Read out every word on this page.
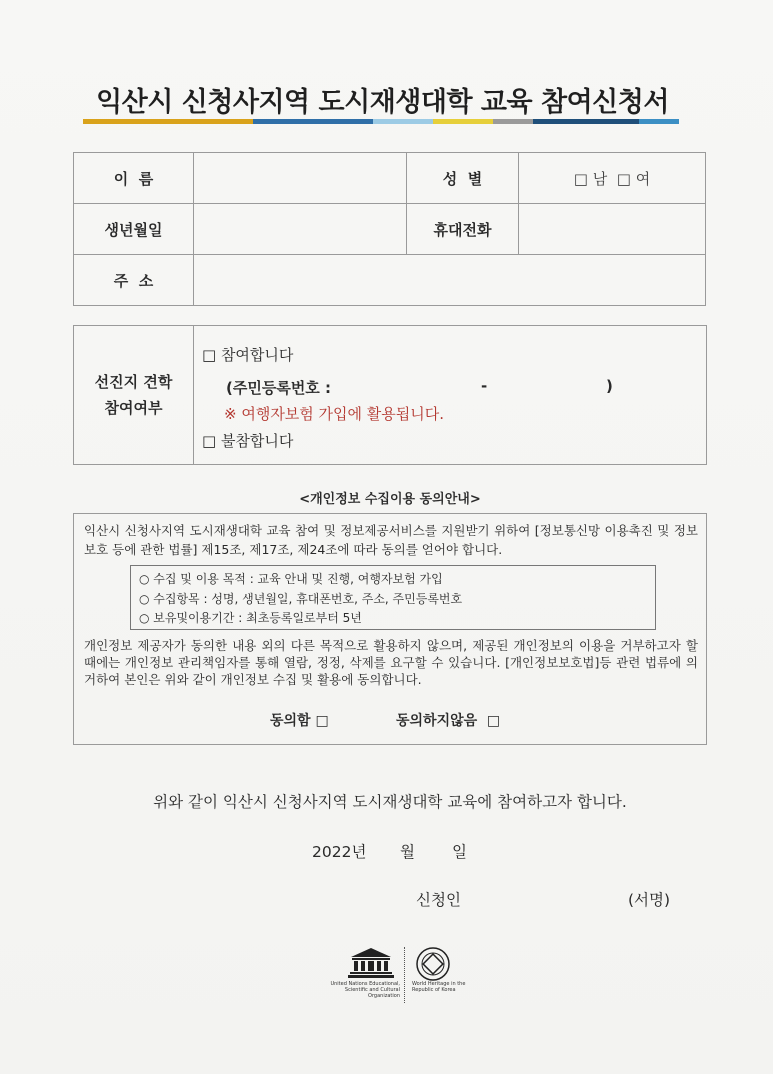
익산시 신청사지역 도시재생대학 교육 참여신청서
이  름		성  별	□ 남  □ 여
생년월일		휴대전화	
주  소			
선진지 견학
참여여부
□ 참여합니다
(주민등록번호 :	-	)
※ 여행자보험 가입에 활용됩니다.
□ 불참합니다
<개인정보 수집이용 동의안내>
익산시 신청사지역 도시재생대학 교육 참여 및 정보제공서비스를 지원받기 위하여 [정보통신망 이용촉진 및 정보보호 등에 관한 법률] 제15조, 제17조, 제24조에 따라 동의를 얻어야 합니다.
○ 수집 및 이용 목적 : 교육 안내 및 진행, 여행자보험 가입
○ 수집항목 : 성명, 생년월일, 휴대폰번호, 주소, 주민등록번호
○ 보유및이용기간 : 최초등록일로부터 5년
개인정보 제공자가 동의한 내용 외의 다른 목적으로 활용하지 않으며, 제공된 개인정보의 이용을 거부하고자 할 때에는 개인정보 관리책임자를 통해 열람, 정정, 삭제를 요구할 수 있습니다. [개인정보보호법]등 관련 법류에 의거하여 본인은 위와 같이 개인정보 수집 및 활용에 동의합니다.
동의함 □	동의하지않음  □
위와 같이 익산시 신청사지역 도시재생대학 교육에 참여하고자 합니다.
2022년 월 일
신청인	(서명)
United Nations Educational, Scientific and Cultural Organization
World Heritage in the Republic of Korea
